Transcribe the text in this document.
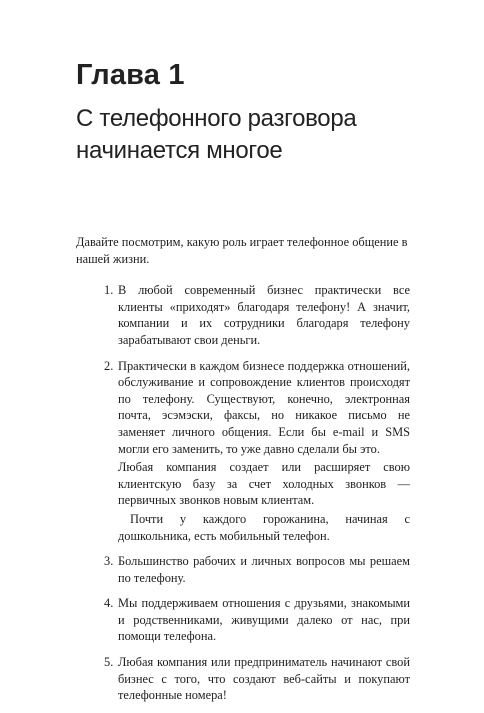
Глава 1
С телефонного разговора
начинается многое

Давайте посмотрим, какую роль играет телефонное общение в нашей жизни.

1. В любой современный бизнес практически все клиенты «приходят» благодаря телефону! А значит, компании и их сотрудники благодаря телефону зарабатывают свои деньги.

2. Практически в каждом бизнесе поддержка отношений, обслуживание и сопровождение клиентов происходят по телефону. Существуют, конечно, электронная почта, эсэмэски, факсы, но никакое письмо не заменяет личного общения. Если бы e-mail и SMS могли его заменить, то уже давно сделали бы это.

Любая компания создает или расширяет свою клиентскую базу за счет холодных звонков — первичных звонков новым клиентам.

Почти у каждого горожанина, начиная с дошкольника, есть мобильный телефон.

3. Большинство рабочих и личных вопросов мы решаем по телефону.

4. Мы поддерживаем отношения с друзьями, знакомыми и родственниками, живущими далеко от нас, при помощи телефона.

5. Любая компания или предприниматель начинают свой бизнес с того, что создают веб-сайты и покупают телефонные номера!
